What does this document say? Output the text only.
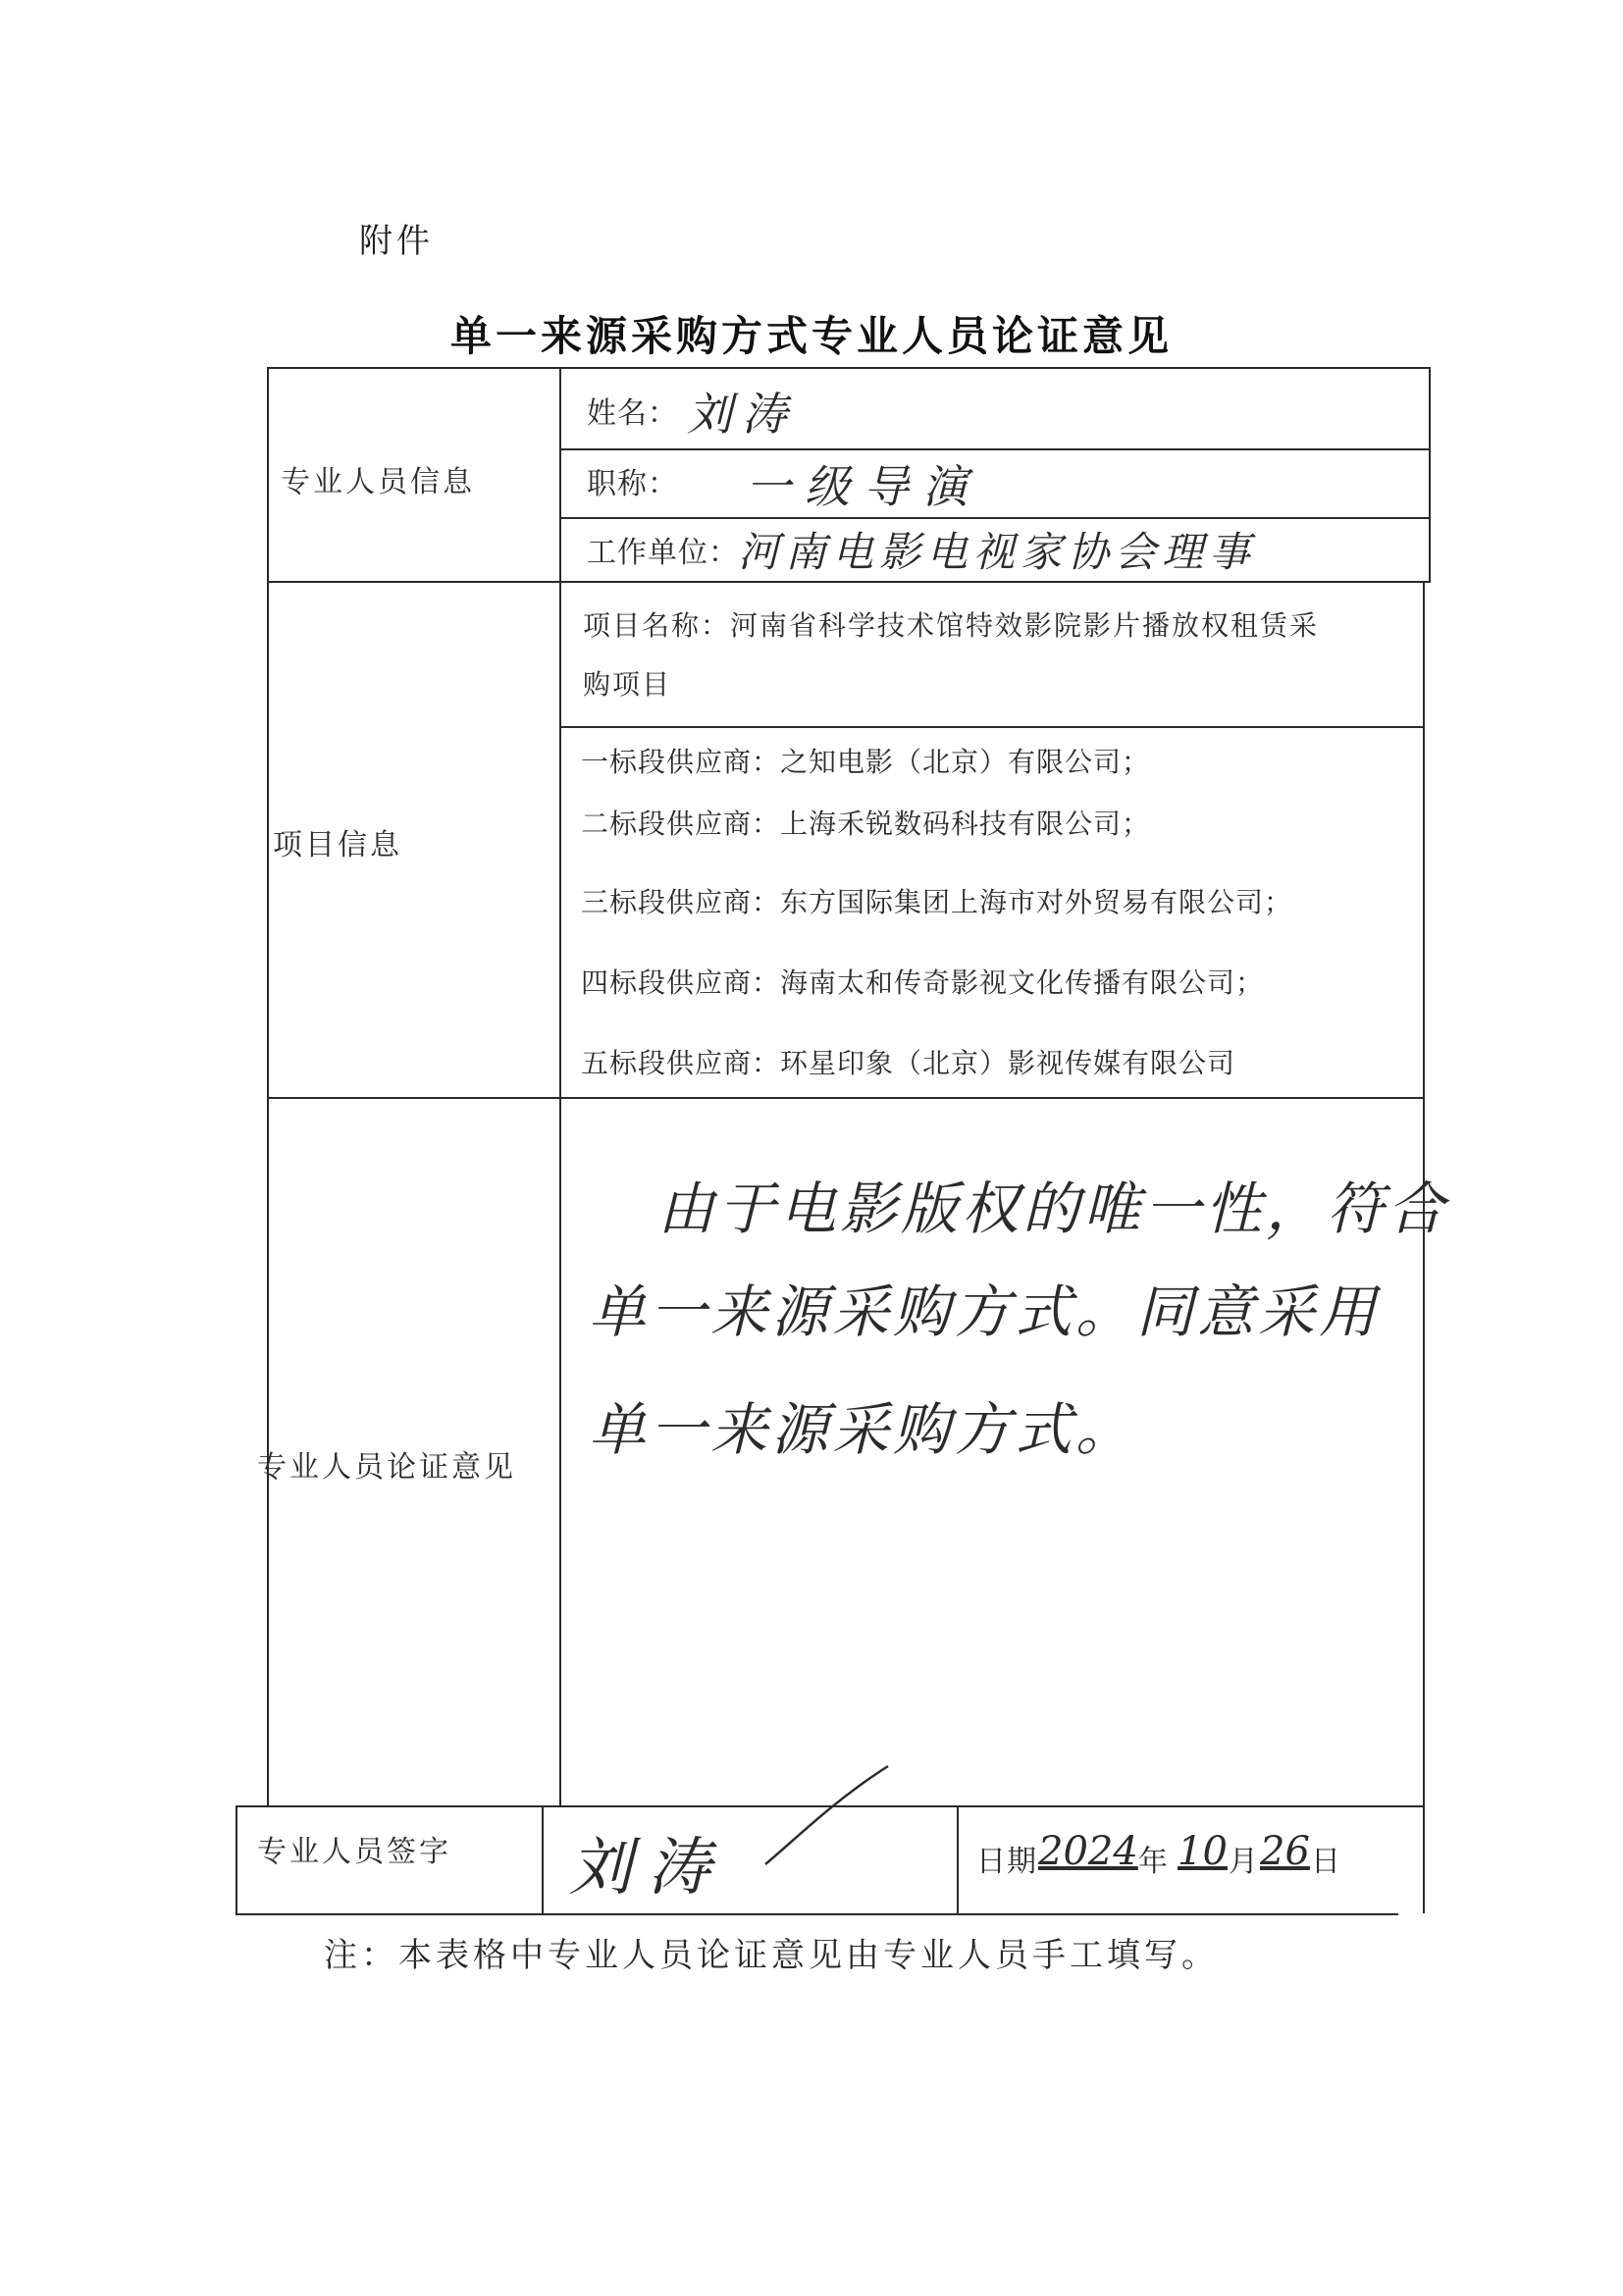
附件
单一来源采购方式专业人员论证意见
专业人员信息
姓名： 刘涛
职称： 一级导演
工作单位： 河南电影电视家协会理事
项目信息
项目名称：河南省科学技术馆特效影院影片播放权租赁采
购项目
一标段供应商：之知电影（北京）有限公司；
二标段供应商：上海禾锐数码科技有限公司；
三标段供应商：东方国际集团上海市对外贸易有限公司；
四标段供应商：海南太和传奇影视文化传播有限公司；
五标段供应商：环星印象（北京）影视传媒有限公司
专业人员论证意见
由于电影版权的唯一性，符合
单一来源采购方式。同意采用
单一来源采购方式。
专业人员签字 刘涛	日期 2024 年 10 月 26 日
注：本表格中专业人员论证意见由专业人员手工填写。
